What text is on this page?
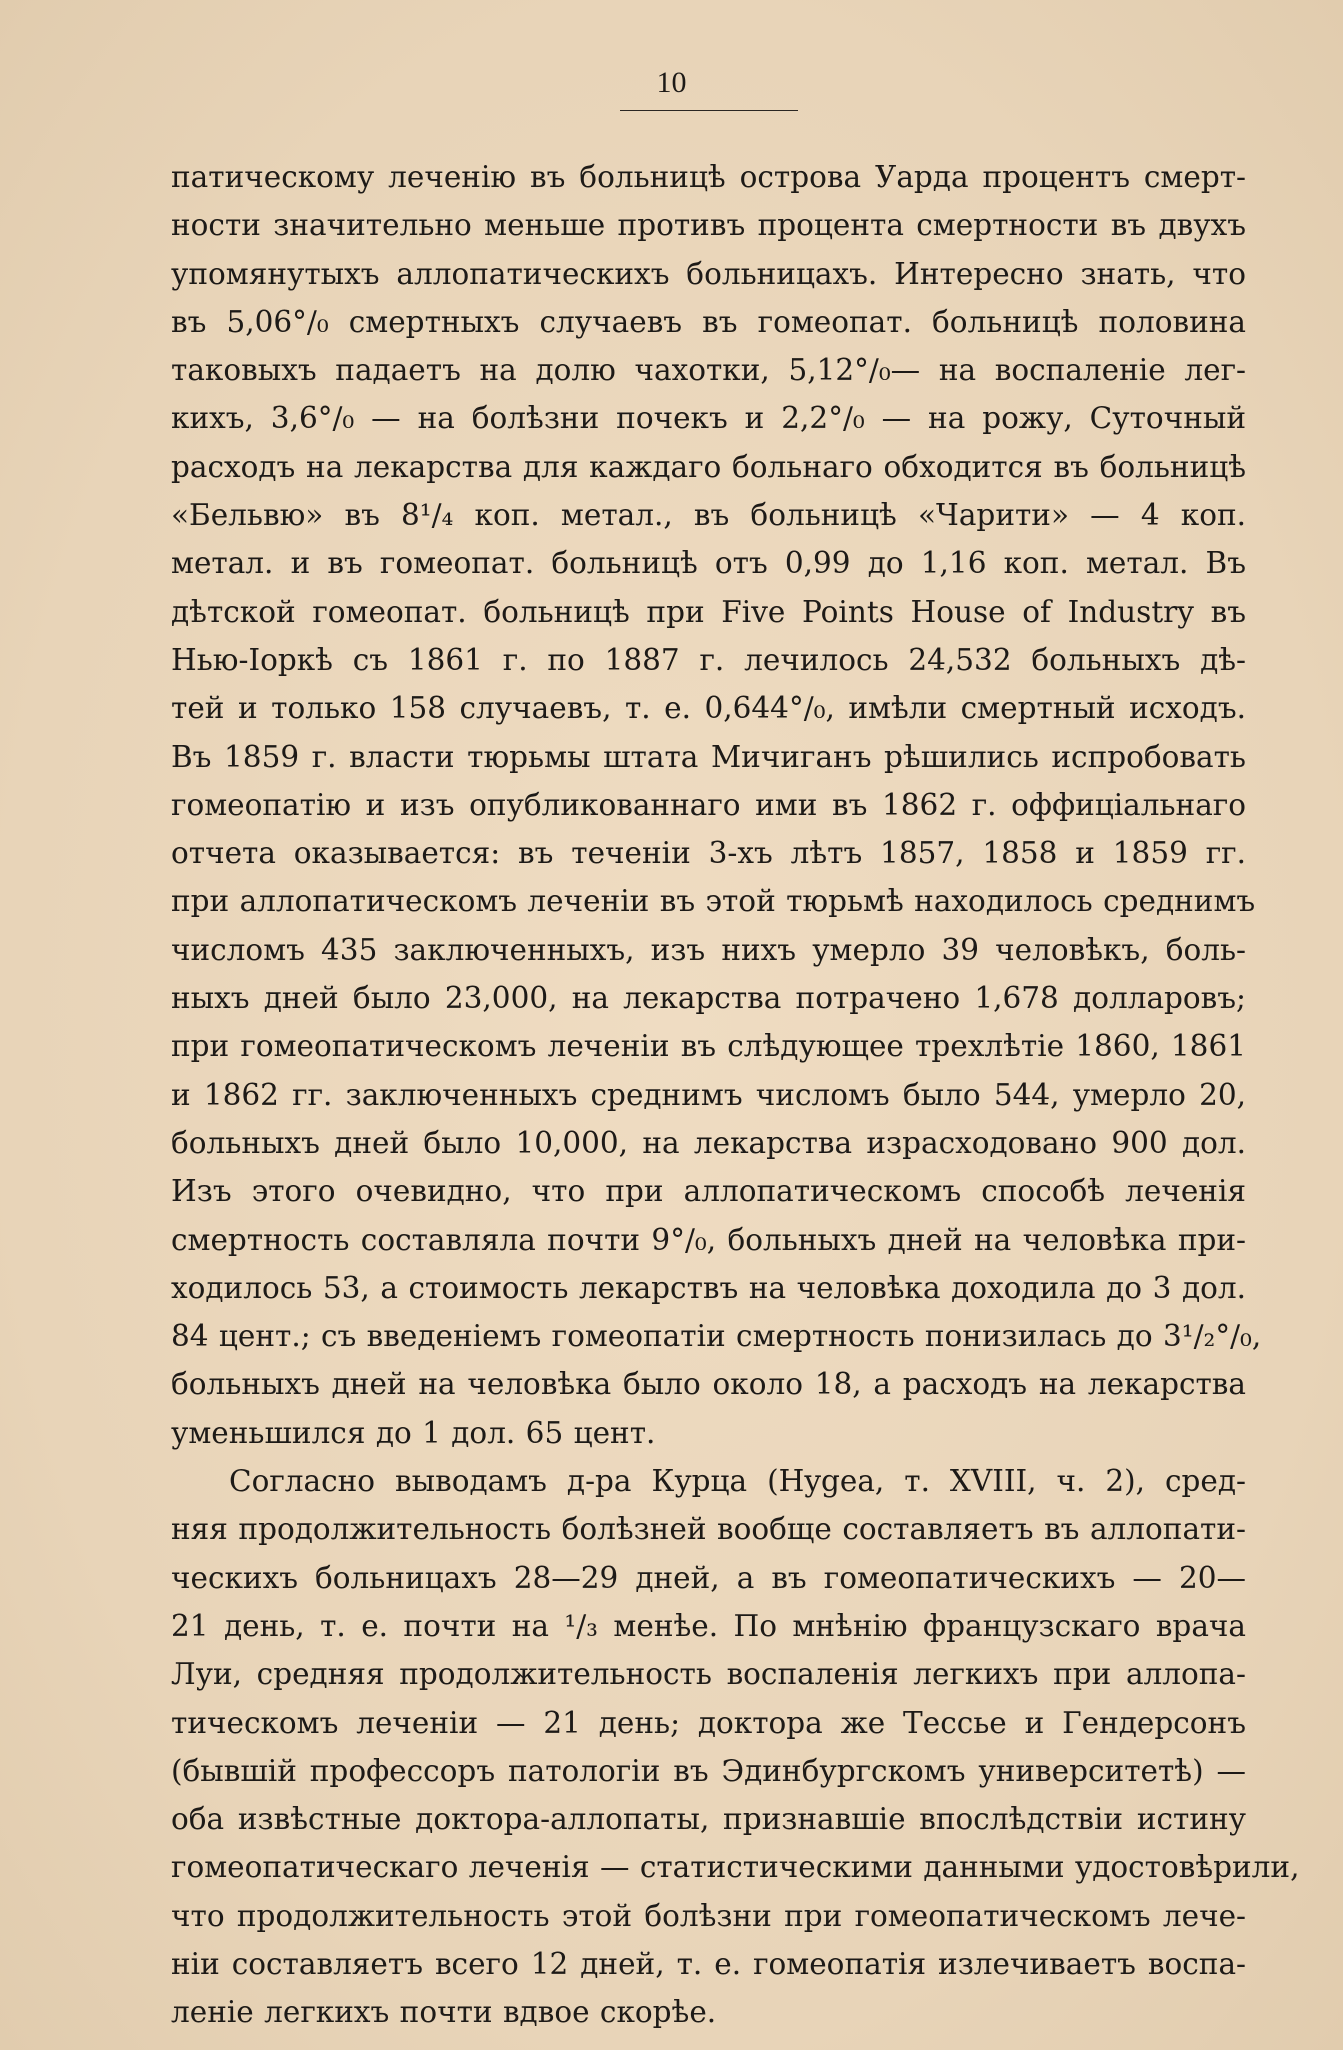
10
патическому леченію въ больницѣ острова Уарда процентъ смерт-
ности значительно меньше противъ процента смертности въ двухъ
упомянутыхъ аллопатическихъ больницахъ. Интересно знать, что
въ 5,06°/₀ смертныхъ случаевъ въ гомеопат. больницѣ половина
таковыхъ падаетъ на долю чахотки, 5,12°/₀— на воспаленіе лег-
кихъ, 3,6°/₀ — на болѣзни почекъ и 2,2°/₀ — на рожу, Суточный
расходъ на лекарства для каждаго больнаго обходится въ больницѣ
«Бельвю» въ 8¹/₄ коп. метал., въ больницѣ «Чарити» — 4 коп.
метал. и въ гомеопат. больницѣ отъ 0,99 до 1,16 коп. метал. Въ
дѣтской гомеопат. больницѣ при Five Points House of Industry въ
Нью-Іоркѣ съ 1861 г. по 1887 г. лечилось 24,532 больныхъ дѣ-
тей и только 158 случаевъ, т. е. 0,644°/₀, имѣли смертный исходъ.
Въ 1859 г. власти тюрьмы штата Мичиганъ рѣшились испробовать
гомеопатію и изъ опубликованнаго ими въ 1862 г. оффиціальнаго
отчета оказывается: въ теченіи 3-хъ лѣтъ 1857, 1858 и 1859 гг.
при аллопатическомъ леченіи въ этой тюрьмѣ находилось среднимъ
числомъ 435 заключенныхъ, изъ нихъ умерло 39 человѣкъ, боль-
ныхъ дней было 23,000, на лекарства потрачено 1,678 долларовъ;
при гомеопатическомъ леченіи въ слѣдующее трехлѣтіе 1860, 1861
и 1862 гг. заключенныхъ среднимъ числомъ было 544, умерло 20,
больныхъ дней было 10,000, на лекарства израсходовано 900 дол.
Изъ этого очевидно, что при аллопатическомъ способѣ леченія
смертность составляла почти 9°/₀, больныхъ дней на человѣка при-
ходилось 53, а стоимость лекарствъ на человѣка доходила до 3 дол.
84 цент.; съ введеніемъ гомеопатіи смертность понизилась до 3¹/₂°/₀,
больныхъ дней на человѣка было около 18, а расходъ на лекарства
уменьшился до 1 дол. 65 цент.
Согласно выводамъ д-ра Курца (Hygea, т. XVIII, ч. 2), сред-
няя продолжительность болѣзней вообще составляетъ въ аллопати-
ческихъ больницахъ 28—29 дней, а въ гомеопатическихъ — 20—
21 день, т. е. почти на ¹/₃ менѣе. По мнѣнію французскаго врача
Луи, средняя продолжительность воспаленія легкихъ при аллопа-
тическомъ леченіи — 21 день; доктора же Тессье и Гендерсонъ
(бывшій профессоръ патологіи въ Эдинбургскомъ университетѣ) —
оба извѣстные доктора-аллопаты, признавшіе впослѣдствіи истину
гомеопатическаго леченія — статистическими данными удостовѣрили,
что продолжительность этой болѣзни при гомеопатическомъ лече-
ніи составляетъ всего 12 дней, т. е. гомеопатія излечиваетъ воспа-
леніе легкихъ почти вдвое скорѣе.
